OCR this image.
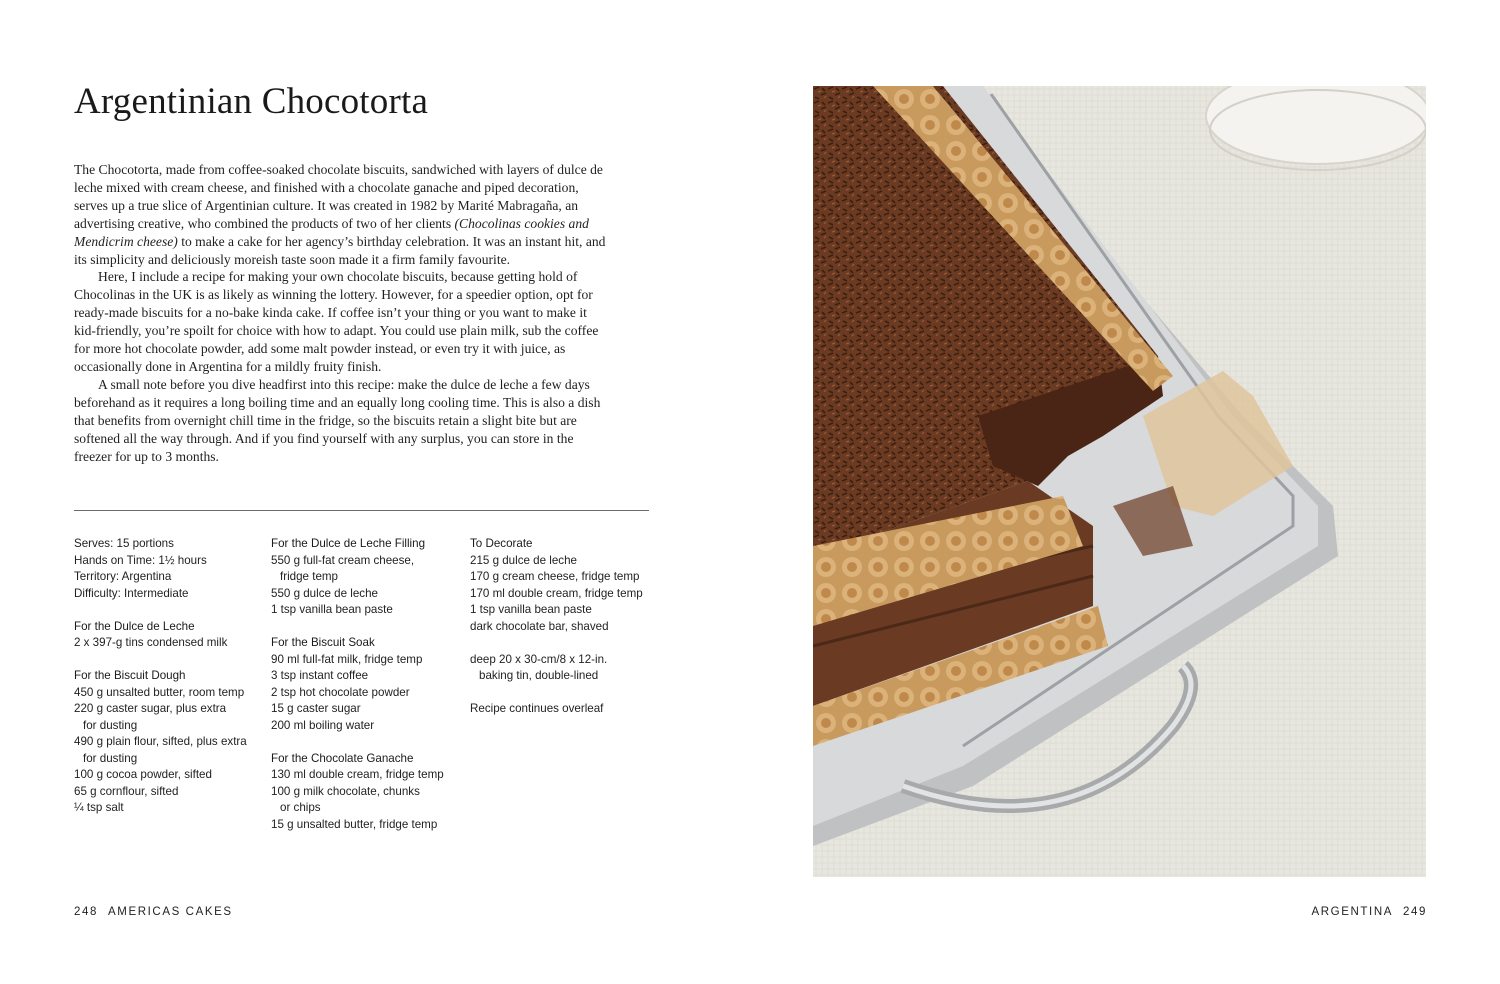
Argentinian Chocotorta

The Chocotorta, made from coffee-soaked chocolate biscuits, sandwiched with layers of dulce de leche mixed with cream cheese, and finished with a chocolate ganache and piped decoration, serves up a true slice of Argentinian culture. It was created in 1982 by Marité Mabragaña, an advertising creative, who combined the products of two of her clients (Chocolinas cookies and Mendicrim cheese) to make a cake for her agency’s birthday celebration. It was an instant hit, and its simplicity and deliciously moreish taste soon made it a firm family favourite.

Here, I include a recipe for making your own chocolate biscuits, because getting hold of Chocolinas in the UK is as likely as winning the lottery. However, for a speedier option, opt for ready-made biscuits for a no-bake kinda cake. If coffee isn’t your thing or you want to make it kid-friendly, you’re spoilt for choice with how to adapt. You could use plain milk, sub the coffee for more hot chocolate powder, add some malt powder instead, or even try it with juice, as occasionally done in Argentina for a mildly fruity finish.

A small note before you dive headfirst into this recipe: make the dulce de leche a few days beforehand as it requires a long boiling time and an equally long cooling time. This is also a dish that benefits from overnight chill time in the fridge, so the biscuits retain a slight bite but are softened all the way through. And if you find yourself with any surplus, you can store in the freezer for up to 3 months.

Serves: 15 portions
Hands on Time: 1½ hours
Territory: Argentina
Difficulty: Intermediate
For the Dulce de Leche
2 x 397-g tins condensed milk
For the Biscuit Dough
450 g unsalted butter, room temp
220 g caster sugar, plus extra
for dusting
490 g plain flour, sifted, plus extra
for dusting
100 g cocoa powder, sifted
65 g cornflour, sifted
¼ tsp salt
For the Dulce de Leche Filling
550 g full-fat cream cheese,
fridge temp
550 g dulce de leche
1 tsp vanilla bean paste
For the Biscuit Soak
90 ml full-fat milk, fridge temp
3 tsp instant coffee
2 tsp hot chocolate powder
15 g caster sugar
200 ml boiling water
For the Chocolate Ganache
130 ml double cream, fridge temp
100 g milk chocolate, chunks
or chips
15 g unsalted butter, fridge temp
To Decorate
215 g dulce de leche
170 g cream cheese, fridge temp
170 ml double cream, fridge temp
1 tsp vanilla bean paste
dark chocolate bar, shaved
deep 20 x 30-cm/8 x 12-in.
baking tin, double-lined
Recipe continues overleaf
248 AMERICAS CAKES	ARGENTINA 249
